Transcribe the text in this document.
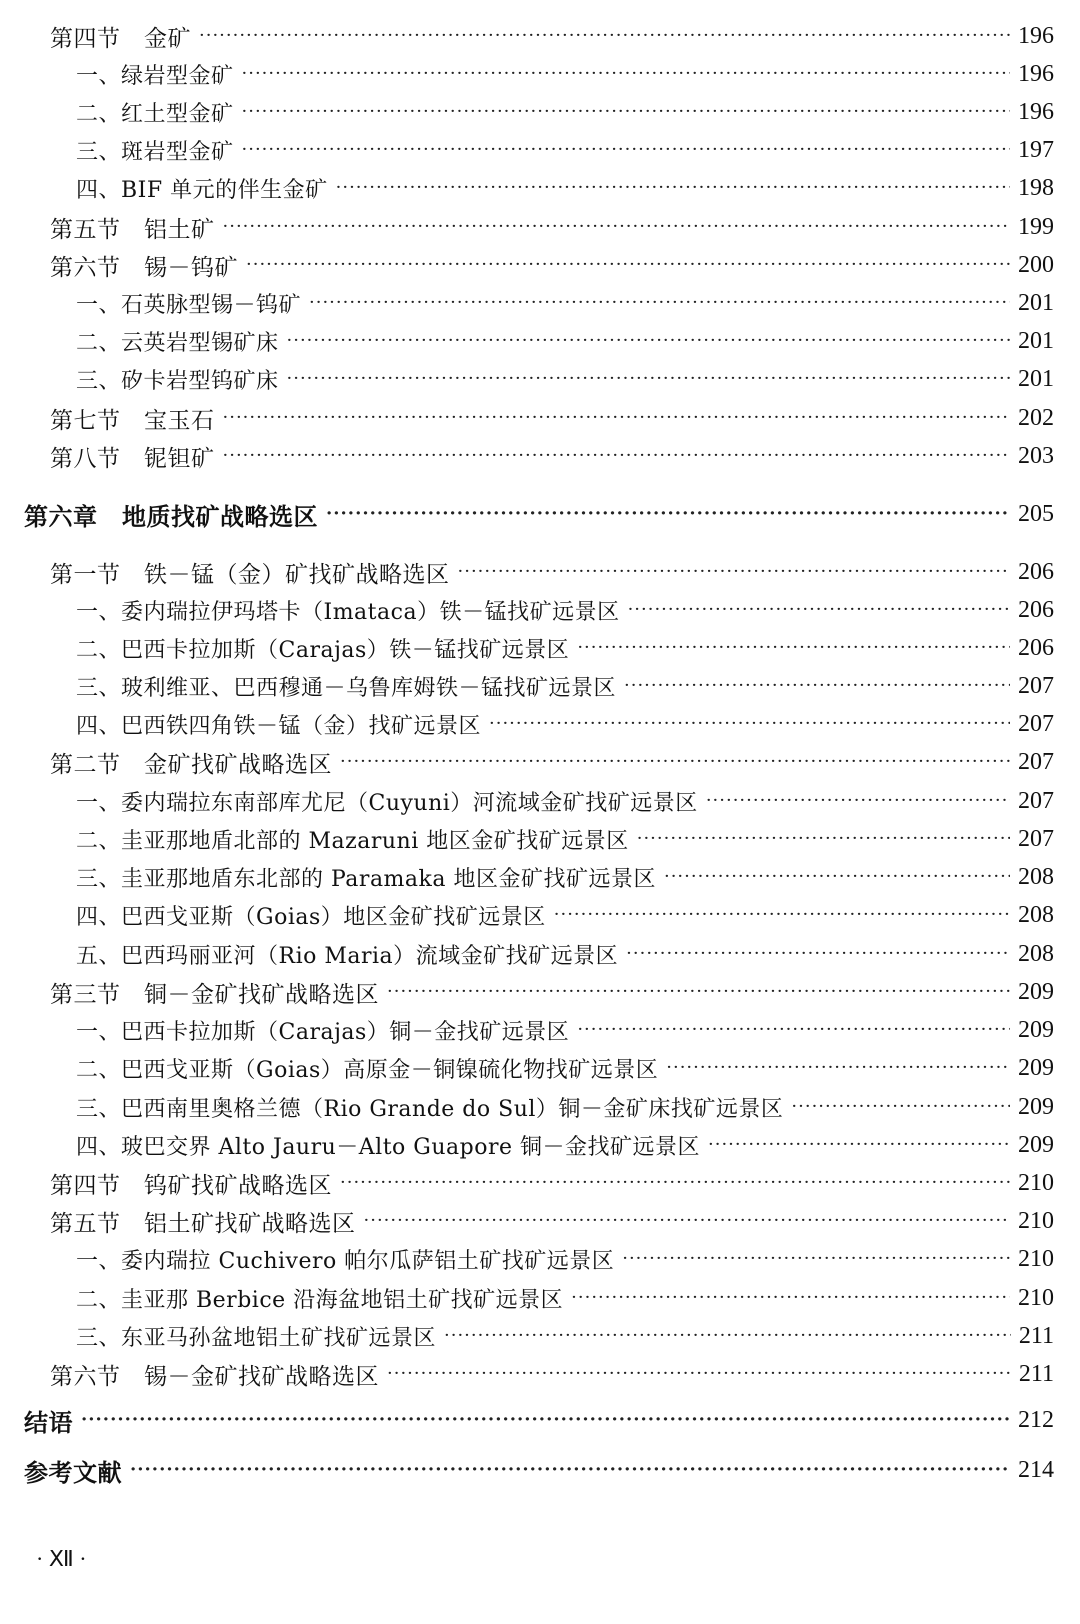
第四节　金矿 ·····	196
一、绿岩型金矿 ·····	196
二、红土型金矿 ·····	196
三、斑岩型金矿 ·····	197
四、BIF 单元的伴生金矿 ·····	198
第五节　铝土矿 ·····	199
第六节　锡－钨矿 ·····	200
一、石英脉型锡－钨矿 ·····	201
二、云英岩型锡矿床 ·····	201
三、矽卡岩型钨矿床 ·····	201
第七节　宝玉石 ·····	202
第八节　铌钽矿 ·····	203
第六章　地质找矿战略选区 ·····	205
第一节　铁－锰（金）矿找矿战略选区 ·····	206
一、委内瑞拉伊玛塔卡（Imataca）铁－锰找矿远景区 ·····	206
二、巴西卡拉加斯（Carajas）铁－锰找矿远景区 ·····	206
三、玻利维亚、巴西穆通－乌鲁库姆铁－锰找矿远景区 ·····	207
四、巴西铁四角铁－锰（金）找矿远景区 ·····	207
第二节　金矿找矿战略选区 ·····	207
一、委内瑞拉东南部库尤尼（Cuyuni）河流域金矿找矿远景区 ·····	207
二、圭亚那地盾北部的 Mazaruni 地区金矿找矿远景区 ·····	207
三、圭亚那地盾东北部的 Paramaka 地区金矿找矿远景区 ·····	208
四、巴西戈亚斯（Goias）地区金矿找矿远景区 ·····	208
五、巴西玛丽亚河（Rio Maria）流域金矿找矿远景区 ·····	208
第三节　铜－金矿找矿战略选区 ·····	209
一、巴西卡拉加斯（Carajas）铜－金找矿远景区 ·····	209
二、巴西戈亚斯（Goias）高原金－铜镍硫化物找矿远景区 ·····	209
三、巴西南里奥格兰德（Rio Grande do Sul）铜－金矿床找矿远景区 ·····	209
四、玻巴交界 Alto Jauru－Alto Guapore 铜－金找矿远景区 ·····	209
第四节　钨矿找矿战略选区 ·····	210
第五节　铝土矿找矿战略选区 ·····	210
一、委内瑞拉 Cuchivero 帕尔瓜萨铝土矿找矿远景区 ·····	210
二、圭亚那 Berbice 沿海盆地铝土矿找矿远景区 ·····	210
三、东亚马孙盆地铝土矿找矿远景区 ·····	211
第六节　锡－金矿找矿战略选区 ·····	211
结语 ·····	212
参考文献 ·····	214
· Ⅻ ·
